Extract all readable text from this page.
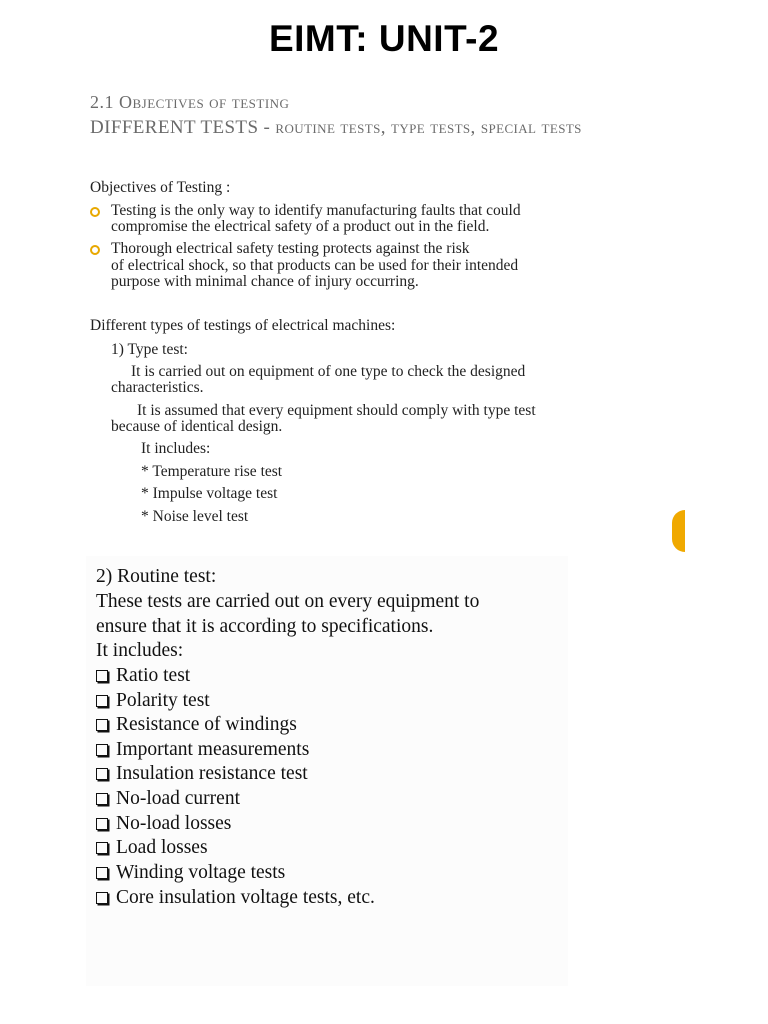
EIMT: UNIT-2
2.1 Objectives of testing
DIFFERENT TESTS - routine tests, type tests, special tests
Objectives of Testing :
Testing is the only way to identify manufacturing faults that could
compromise the electrical safety of a product out in the field.
Thorough electrical safety testing protects against the risk
of electrical shock, so that products can be used for their intended
purpose with minimal chance of injury occurring.
Different types of testings of electrical machines:
1) Type test:
It is carried out on equipment of one type to check the designed
characteristics.
It is assumed that every equipment should comply with type test
because of identical design.
It includes:
* Temperature rise test
* Impulse voltage test
* Noise level test
2) Routine test:
These tests are carried out on every equipment to
ensure that it is according to specifications.
It includes:
Ratio test
Polarity test
Resistance of windings
Important measurements
Insulation resistance test
No-load current
No-load losses
Load losses
Winding voltage tests
Core insulation voltage tests, etc.
